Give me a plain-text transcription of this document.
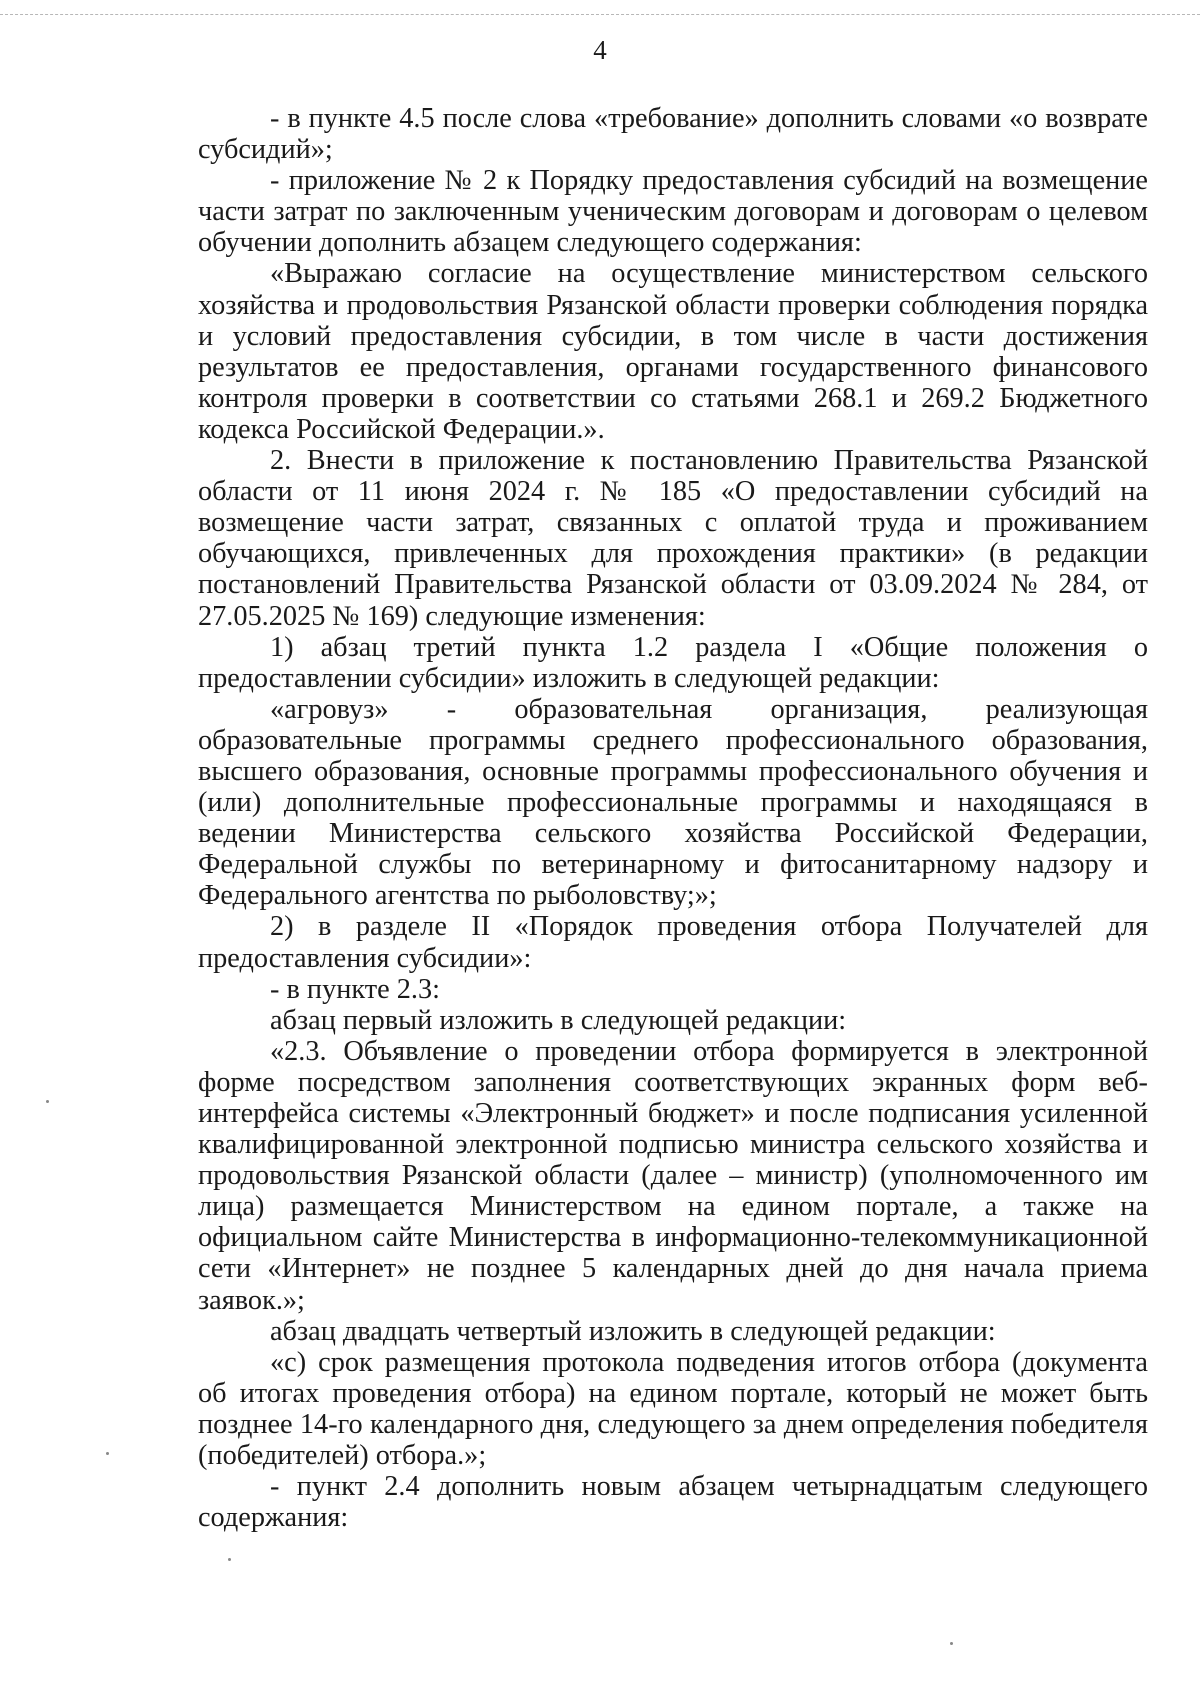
4

- в пункте 4.5 после слова «требование» дополнить словами «о возврате субсидий»;

- приложение № 2 к Порядку предоставления субсидий на возмещение части затрат по заключенным ученическим договорам и договорам о целевом обучении дополнить абзацем следующего содержания:

«Выражаю согласие на осуществление министерством сельского хозяйства и продовольствия Рязанской области проверки соблюдения порядка и условий предоставления субсидии, в том числе в части достижения результатов ее предоставления, органами государственного финансового контроля проверки в соответствии со статьями 268.1 и 269.2 Бюджетного кодекса Российской Федерации.».

2. Внести в приложение к постановлению Правительства Рязанской области от 11 июня 2024 г. № 185 «О предоставлении субсидий на возмещение части затрат, связанных с оплатой труда и проживанием обучающихся, привлеченных для прохождения практики» (в редакции постановлений Правительства Рязанской области от 03.09.2024 № 284, от 27.05.2025 № 169) следующие изменения:

1) абзац третий пункта 1.2 раздела I «Общие положения о предоставлении субсидии» изложить в следующей редакции:

«агровуз» - образовательная организация, реализующая образовательные программы среднего профессионального образования, высшего образования, основные программы профессионального обучения и (или) дополнительные профессиональные программы и находящаяся в ведении Министерства сельского хозяйства Российской Федерации, Федеральной службы по ветеринарному и фитосанитарному надзору и Федерального агентства по рыболовству;»;

2) в разделе II «Порядок проведения отбора Получателей для предоставления субсидии»:

- в пункте 2.3:

абзац первый изложить в следующей редакции:

«2.3. Объявление о проведении отбора формируется в электронной форме посредством заполнения соответствующих экранных форм веб-интерфейса системы «Электронный бюджет» и после подписания усиленной квалифицированной электронной подписью министра сельского хозяйства и продовольствия Рязанской области (далее – министр) (уполномоченного им лица) размещается Министерством на едином портале, а также на официальном сайте Министерства в информационно-телекоммуникационной сети «Интернет» не позднее 5 календарных дней до дня начала приема заявок.»;

абзац двадцать четвертый изложить в следующей редакции:

«с) срок размещения протокола подведения итогов отбора (документа об итогах проведения отбора) на едином портале, который не может быть позднее 14-го календарного дня, следующего за днем определения победителя (победителей) отбора.»;

- пункт 2.4 дополнить новым абзацем четырнадцатым следующего содержания:
